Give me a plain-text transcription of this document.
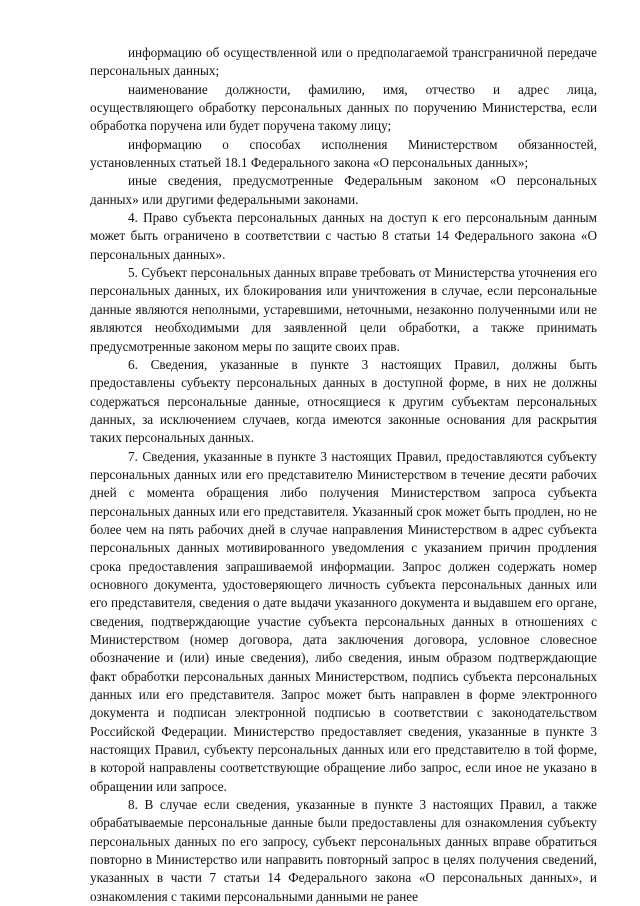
информацию об осуществленной или о предполагаемой трансграничной передаче персональных данных;

наименование должности, фамилию, имя, отчество и адрес лица, осуществляющего обработку персональных данных по поручению Министерства, если обработка поручена или будет поручена такому лицу;

информацию о способах исполнения Министерством обязанностей, установленных статьей 18.1 Федерального закона «О персональных данных»;

иные сведения, предусмотренные Федеральным законом «О персональных данных» или другими федеральными законами.

4. Право субъекта персональных данных на доступ к его персональным данным может быть ограничено в соответствии с частью 8 статьи 14 Федерального закона «О персональных данных».

5. Субъект персональных данных вправе требовать от Министерства уточнения его персональных данных, их блокирования или уничтожения в случае, если персональные данные являются неполными, устаревшими, неточными, незаконно полученными или не являются необходимыми для заявленной цели обработки, а также принимать предусмотренные законом меры по защите своих прав.

6. Сведения, указанные в пункте 3 настоящих Правил, должны быть предоставлены субъекту персональных данных в доступной форме, в них не должны содержаться персональные данные, относящиеся к другим субъектам персональных данных, за исключением случаев, когда имеются законные основания для раскрытия таких персональных данных.

7. Сведения, указанные в пункте 3 настоящих Правил, предоставляются субъекту персональных данных или его представителю Министерством в течение десяти рабочих дней с момента обращения либо получения Министерством запроса субъекта персональных данных или его представителя. Указанный срок может быть продлен, но не более чем на пять рабочих дней в случае направления Министерством в адрес субъекта персональных данных мотивированного уведомления с указанием причин продления срока предоставления запрашиваемой информации. Запрос должен содержать номер основного документа, удостоверяющего личность субъекта персональных данных или его представителя, сведения о дате выдачи указанного документа и выдавшем его органе, сведения, подтверждающие участие субъекта персональных данных в отношениях с Министерством (номер договора, дата заключения договора, условное словесное обозначение и (или) иные сведения), либо сведения, иным образом подтверждающие факт обработки персональных данных Министерством, подпись субъекта персональных данных или его представителя. Запрос может быть направлен в форме электронного документа и подписан электронной подписью в соответствии с законодательством Российской Федерации. Министерство предоставляет сведения, указанные в пункте 3 настоящих Правил, субъекту персональных данных или его представителю в той форме, в которой направлены соответствующие обращение либо запрос, если иное не указано в обращении или запросе.

8. В случае если сведения, указанные в пункте 3 настоящих Правил, а также обрабатываемые персональные данные были предоставлены для ознакомления субъекту персональных данных по его запросу, субъект персональных данных вправе обратиться повторно в Министерство или направить повторный запрос в целях получения сведений, указанных в части 7 статьи 14 Федерального закона «О персональных данных», и ознакомления с такими персональными данными не ранее
